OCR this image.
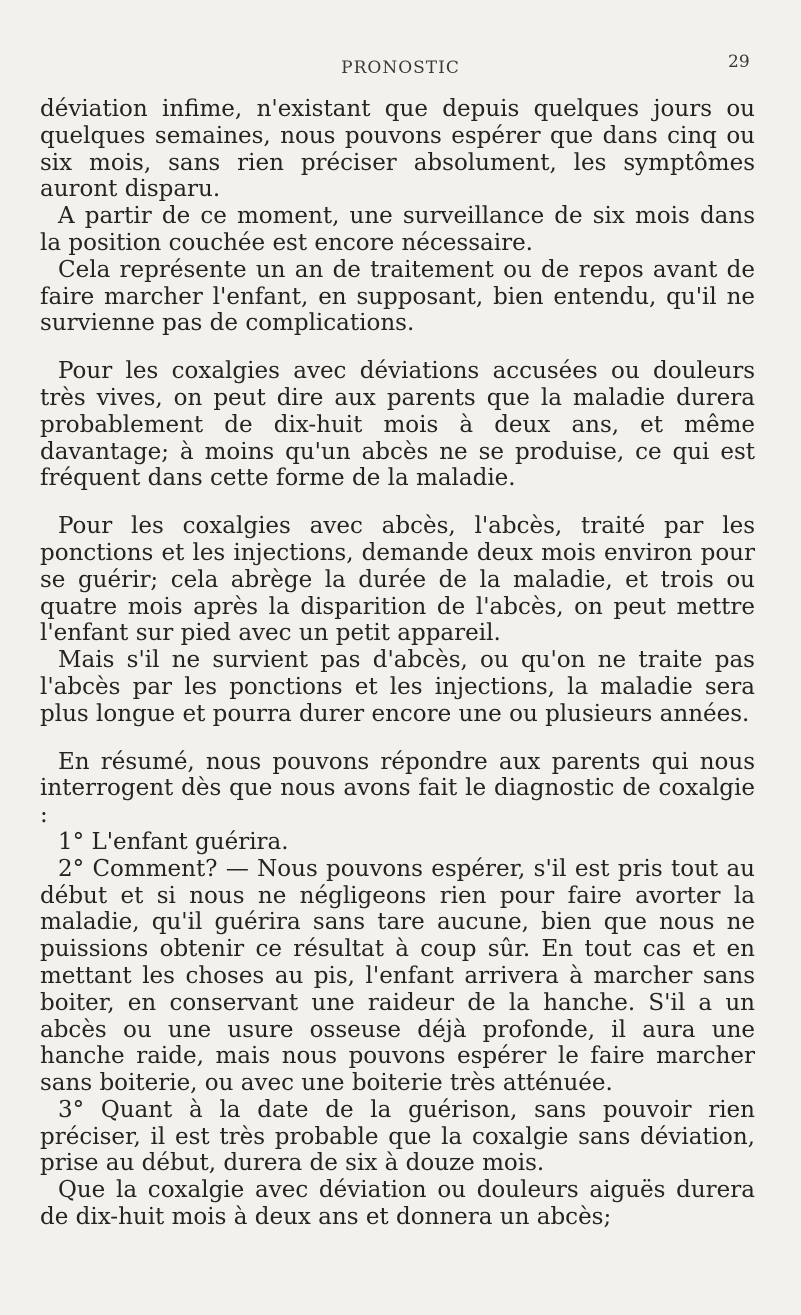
PRONOSTIC	29

déviation infime, n'existant que depuis quelques jours ou quelques semaines, nous pouvons espérer que dans cinq ou six mois, sans rien préciser absolument, les symptômes auront disparu.

A partir de ce moment, une surveillance de six mois dans la position couchée est encore nécessaire.

Cela représente un an de traitement ou de repos avant de faire marcher l'enfant, en supposant, bien entendu, qu'il ne survienne pas de complications.

Pour les coxalgies avec déviations accusées ou douleurs très vives, on peut dire aux parents que la maladie durera probablement de dix-huit mois à deux ans, et même davantage; à moins qu'un abcès ne se produise, ce qui est fréquent dans cette forme de la maladie.

Pour les coxalgies avec abcès, l'abcès, traité par les ponctions et les injections, demande deux mois environ pour se guérir; cela abrège la durée de la maladie, et trois ou quatre mois après la disparition de l'abcès, on peut mettre l'enfant sur pied avec un petit appareil.

Mais s'il ne survient pas d'abcès, ou qu'on ne traite pas l'abcès par les ponctions et les injections, la maladie sera plus longue et pourra durer encore une ou plusieurs années.

En résumé, nous pouvons répondre aux parents qui nous interrogent dès que nous avons fait le diagnostic de coxalgie :

1° L'enfant guérira.

2° Comment? — Nous pouvons espérer, s'il est pris tout au début et si nous ne négligeons rien pour faire avorter la maladie, qu'il guérira sans tare aucune, bien que nous ne puissions obtenir ce résultat à coup sûr. En tout cas et en mettant les choses au pis, l'enfant arrivera à marcher sans boiter, en conservant une raideur de la hanche. S'il a un abcès ou une usure osseuse déjà profonde, il aura une hanche raide, mais nous pouvons espérer le faire marcher sans boiterie, ou avec une boiterie très atténuée.

3° Quant à la date de la guérison, sans pouvoir rien préciser, il est très probable que la coxalgie sans déviation, prise au début, durera de six à douze mois.

Que la coxalgie avec déviation ou douleurs aiguës durera de dix-huit mois à deux ans et donnera un abcès;
